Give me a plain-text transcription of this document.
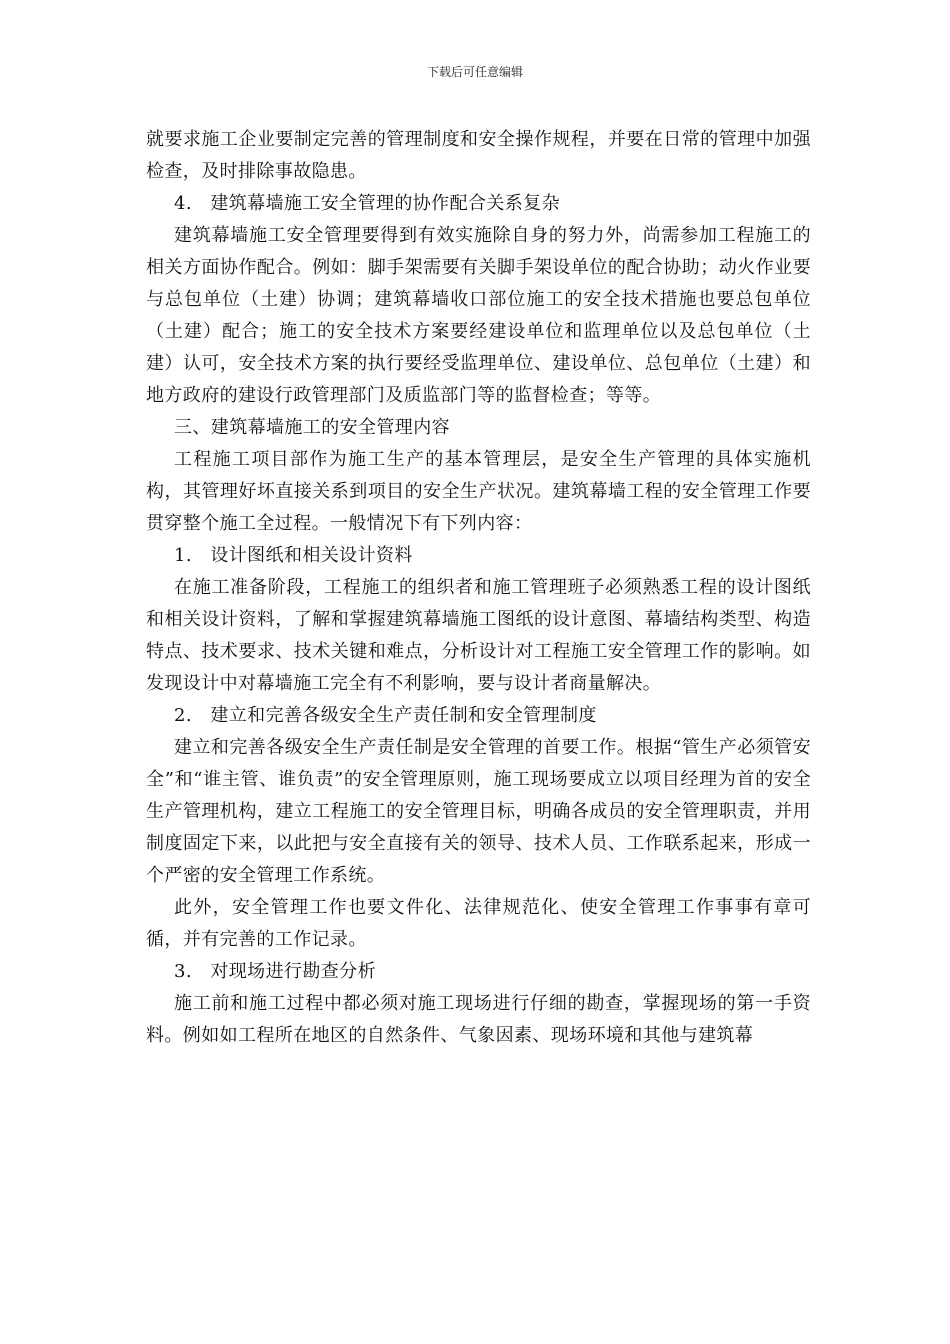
下载后可任意编辑

就要求施工企业要制定完善的管理制度和安全操作规程，并要在日常的管理中加强检查，及时排除事故隐患。

4.　建筑幕墙施工安全管理的协作配合关系复杂

建筑幕墙施工安全管理要得到有效实施除自身的努力外，尚需参加工程施工的相关方面协作配合。例如：脚手架需要有关脚手架设单位的配合协助；动火作业要与总包单位（土建）协调；建筑幕墙收口部位施工的安全技术措施也要总包单位（土建）配合；施工的安全技术方案要经建设单位和监理单位以及总包单位（土建）认可，安全技术方案的执行要经受监理单位、建设单位、总包单位（土建）和地方政府的建设行政管理部门及质监部门等的监督检查；等等。

三、建筑幕墙施工的安全管理内容

工程施工项目部作为施工生产的基本管理层，是安全生产管理的具体实施机构，其管理好坏直接关系到项目的安全生产状况。建筑幕墙工程的安全管理工作要贯穿整个施工全过程。一般情况下有下列内容：

1.　设计图纸和相关设计资料

在施工准备阶段，工程施工的组织者和施工管理班子必须熟悉工程的设计图纸和相关设计资料，了解和掌握建筑幕墙施工图纸的设计意图、幕墙结构类型、构造特点、技术要求、技术关键和难点，分析设计对工程施工安全管理工作的影响。如发现设计中对幕墙施工完全有不利影响，要与设计者商量解决。

2.　建立和完善各级安全生产责任制和安全管理制度

建立和完善各级安全生产责任制是安全管理的首要工作。根据“管生产必须管安全”和“谁主管、谁负责”的安全管理原则，施工现场要成立以项目经理为首的安全生产管理机构，建立工程施工的安全管理目标，明确各成员的安全管理职责，并用制度固定下来，以此把与安全直接有关的领导、技术人员、工作联系起来，形成一个严密的安全管理工作系统。

此外，安全管理工作也要文件化、法律规范化、使安全管理工作事事有章可循，并有完善的工作记录。

3.　对现场进行勘查分析

施工前和施工过程中都必须对施工现场进行仔细的勘查，掌握现场的第一手资料。例如如工程所在地区的自然条件、气象因素、现场环境和其他与建筑幕
